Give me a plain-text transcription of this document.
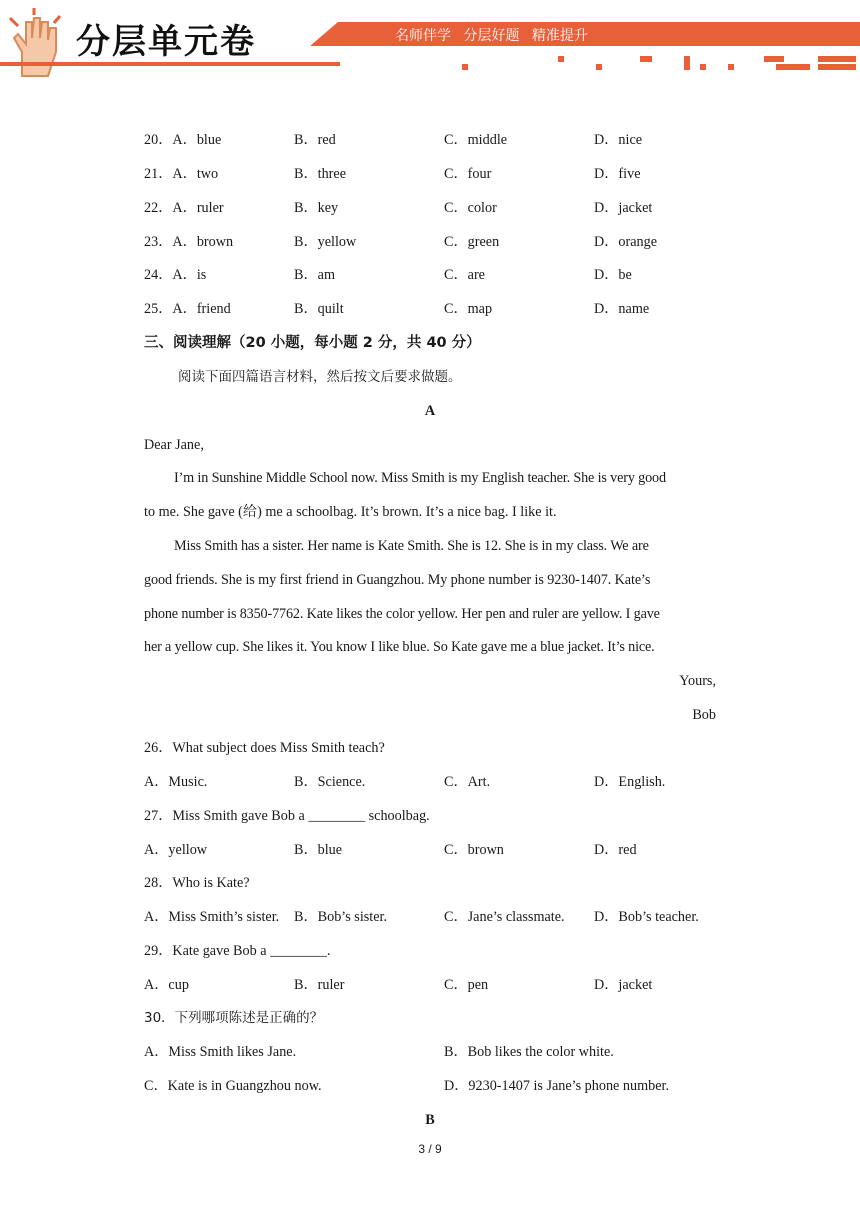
分层单元卷	名师伴学 分层好题 精准提升
20．A．blue	B．red	C．middle	D．nice
21．A．two	B．three	C．four	D．five
22．A．ruler	B．key	C．color	D．jacket
23．A．brown	B．yellow	C．green	D．orange
24．A．is	B．am	C．are	D．be
25．A．friend	B．quilt	C．map	D．name
三、阅读理解（20 小题，每小题 2 分，共 40 分）
阅读下面四篇语言材料，然后按文后要求做题。
A
Dear Jane,
I’m in Sunshine Middle School now. Miss Smith is my English teacher. She is very good
to me. She gave (给) me a schoolbag. It’s brown. It’s a nice bag. I like it.
Miss Smith has a sister. Her name is Kate Smith. She is 12. She is in my class. We are
good friends. She is my first friend in Guangzhou. My phone number is 9230-1407. Kate’s
phone number is 8350-7762. Kate likes the color yellow. Her pen and ruler are yellow. I gave
her a yellow cup. She likes it. You know I like blue. So Kate gave me a blue jacket. It’s nice.
Yours,
Bob
26．What subject does Miss Smith teach?
A．Music.	B．Science.	C．Art.	D．English.
27．Miss Smith gave Bob a ________ schoolbag.
A．yellow	B．blue	C．brown	D．red
28．Who is Kate?
A．Miss Smith’s sister. B．Bob’s sister.	C．Jane’s classmate. D．Bob’s teacher.
29．Kate gave Bob a ________.
A．cup	B．ruler	C．pen	D．jacket
30．下列哪项陈述是正确的？
A．Miss Smith likes Jane.	B．Bob likes the color white.
C．Kate is in Guangzhou now.	D．9230-1407 is Jane’s phone number.
B
3 / 9
